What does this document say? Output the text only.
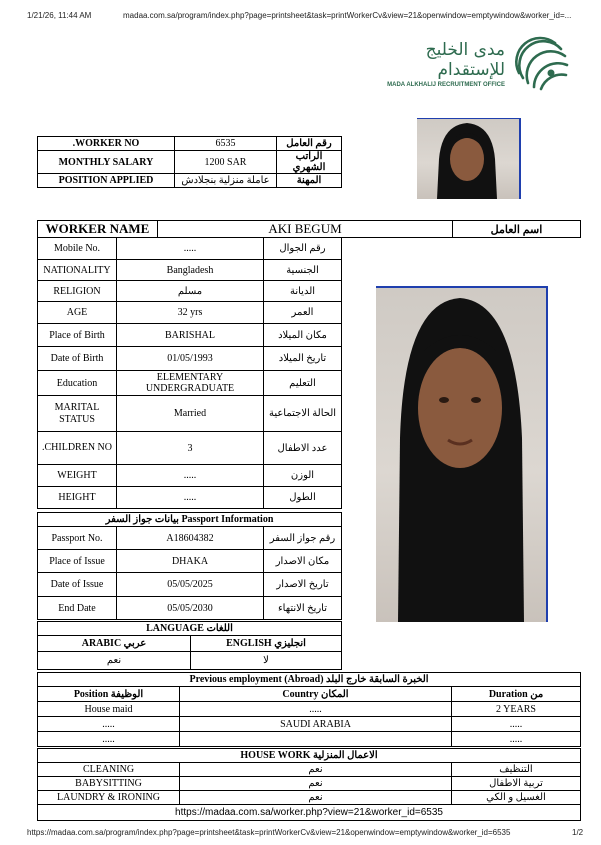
1/21/26, 11:44 AM	madaa.com.sa/program/index.php?page=printsheet&task=printWorkerCv&view=21&openwindow=emptywindow&worker_id=...
مدى الخليج للإستقدام
MADA ALKHALIJ RECRUITMENT OFFICE
.WORKER NO	6535	رقم العامل
MONTHLY SALARY	1200 SAR	الراتب الشهري
POSITION APPLIED	عاملة منزلية بنجلادش	المهنة
WORKER NAME	AKI BEGUM	اسم العامل
Mobile No.	.....	رقم الجوال
NATIONALITY	Bangladesh	الجنسية
RELIGION	مسلم	الديانة
AGE	32 yrs	العمر
Place of Birth	BARISHAL	مكان الميلاد
Date of Birth	01/05/1993	تاريخ الميلاد
Education	ELEMENTARY UNDERGRADUATE	التعليم
MARITAL STATUS	Married	الحالة الاجتماعية
.CHILDREN NO	3	عدد الاطفال
WEIGHT	.....	الوزن
HEIGHT	.....	الطول
بيانات جواز السفر Passport Information		
Passport No.	A18604382	رقم جواز السفر
Place of Issue	DHAKA	مكان الاصدار
Date of Issue	05/05/2025	تاريخ الاصدار
End Date	05/05/2030	تاريخ الانتهاء
LANGUAGE اللغات	
ARABIC عربي	ENGLISH انجليزي
نعم	لا
Previous employment (Abroad) الخبرة السابقة خارج البلد		
Position الوظيفة	Country المكان	Duration من
House maid	.....	2 YEARS
.....	SAUDI ARABIA	.....
.....		.....
HOUSE WORK الاعمال المنزلية		
CLEANING	نعم	التنظيف
BABYSITTING	نعم	تربية الاطفال
LAUNDRY & IRONING	نعم	الغسيل و الكي
https://madaa.com.sa/worker.php?view=21&worker_id=6535		
https://madaa.com.sa/program/index.php?page=printsheet&task=printWorkerCv&view=21&openwindow=emptywindow&worker_id=6535	1/2
